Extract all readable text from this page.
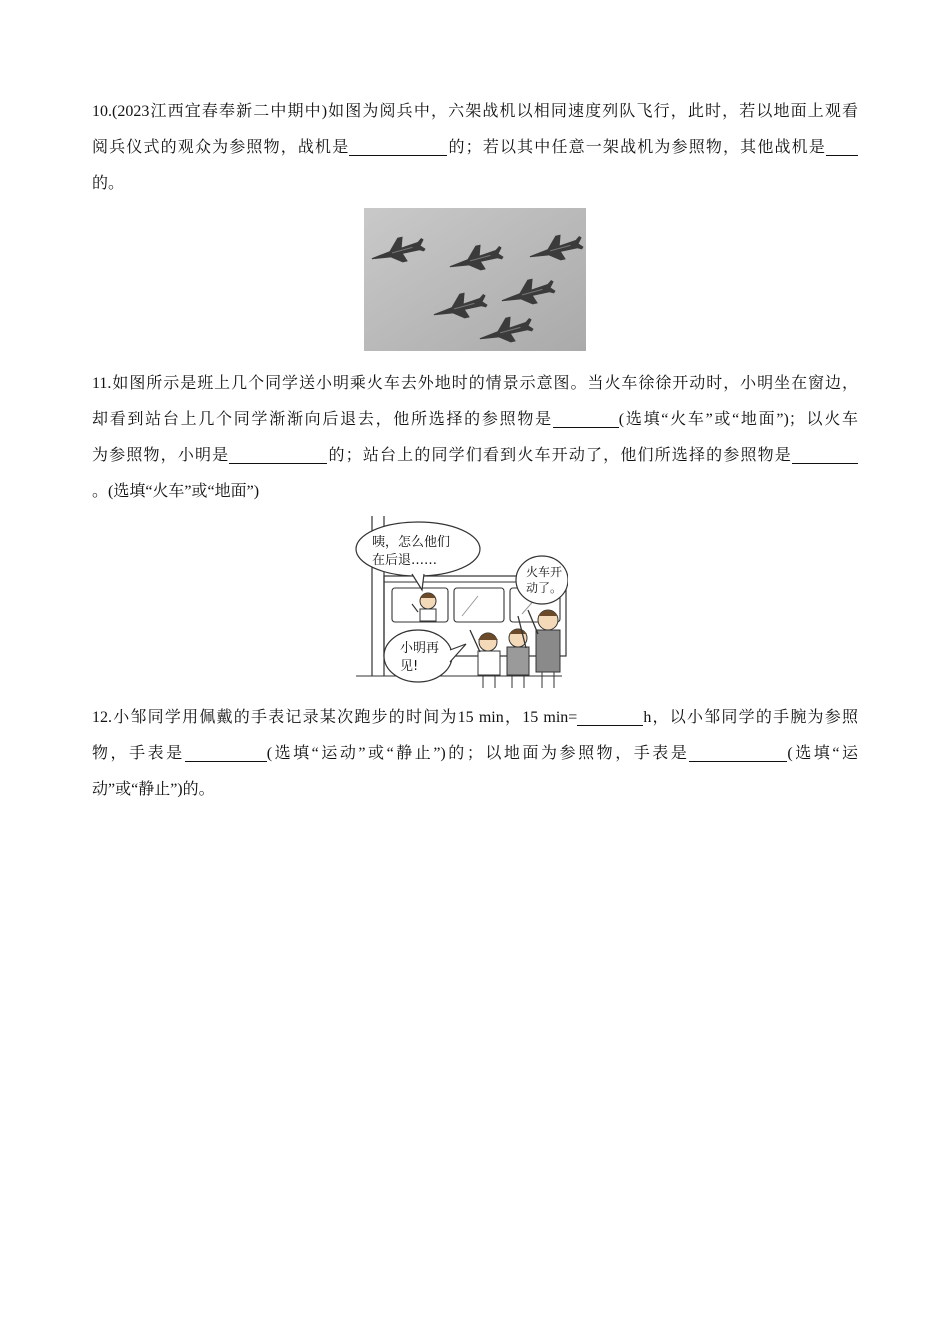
10.(2023江西宜春奉新二中期中)如图为阅兵中，六架战机以相同速度列队飞行，此时，若以地面上观看
阅兵仪式的观众为参照物，战机是	的；若以其中任意一架战机为参照物，其他战机是
的。
11.如图所示是班上几个同学送小明乘火车去外地时的情景示意图。当火车徐徐开动时，小明坐在窗边，
却看到站台上几个同学渐渐向后退去，他所选择的参照物是	(选填“火车”或“地面”)；以火车
为参照物，小明是	的；站台上的同学们看到火车开动了，他们所选择的参照物是
。(选填“火车”或“地面”)
咦，怎么他们
在后退……
火车开
动了。
小明再
见!
12.小邹同学用佩戴的手表记录某次跑步的时间为15 min，15 min=	h，以小邹同学的手腕为参照
物，手表是	(选填“运动”或“静止”)的；以地面为参照物，手表是	(选填“运
动”或“静止”)的。
